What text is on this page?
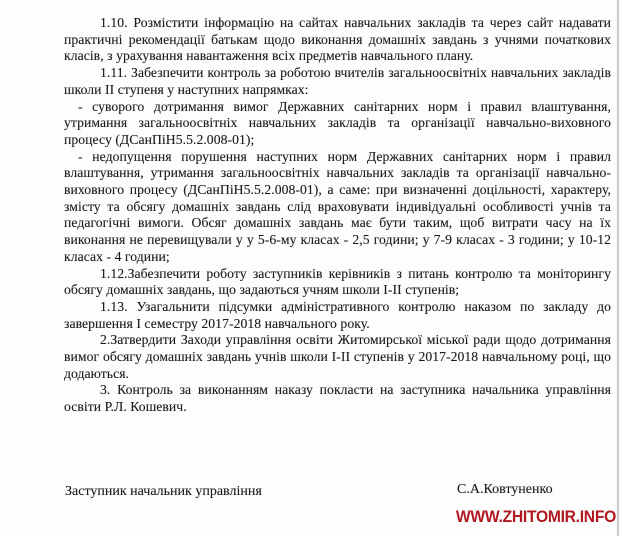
1.10. Розмістити інформацію на сайтах навчальних закладів та через сайт надавати практичні рекомендації батькам щодо виконання домашніх завдань з учнями початкових класів, з урахування навантаження всіх предметів навчального плану.

1.11. Забезпечити контроль за роботою вчителів загальноосвітніх навчальних закладів школи II ступеня у наступних напрямках:

- суворого дотримання вимог Державних санітарних норм і правил влаштування, утримання загальноосвітніх навчальних закладів та організації навчально-виховного процесу (ДСанПіН5.5.2.008-01);

- недопущення порушення наступних норм Державних санітарних норм і правил влаштування, утримання загальноосвітніх навчальних закладів та організації навчально-виховного процесу (ДСанПіН5.5.2.008-01), а саме: при визначенні доцільності, характеру, змісту та обсягу домашніх завдань слід враховувати індивідуальні особливості учнів та педагогічні вимоги. Обсяг домашніх завдань має бути таким, щоб витрати часу на їх виконання не перевищували у у 5-6-му класах - 2,5 години; у 7-9 класах - 3 години; у 10-12 класах - 4 години;

1.12.Забезпечити роботу заступників керівників з питань контролю та моніторингу обсягу домашніх завдань, що задаються учням школи I-II ступенів;

1.13. Узагальнити підсумки адміністративного контролю наказом по закладу до завершення I семестру 2017-2018 навчального року.

2.Затвердити Заходи управління освіти Житомирської міської ради щодо дотримання вимог обсягу домашніх завдань учнів школи I-II ступенів у 2017-2018 навчальному році, що додаються.

3. Контроль за виконанням наказу покласти на заступника начальника управління освіти Р.Л. Кошевич.

Заступник начальник управління	С.А.Ковтуненко
WWW.ZHITOMIR.INFO
